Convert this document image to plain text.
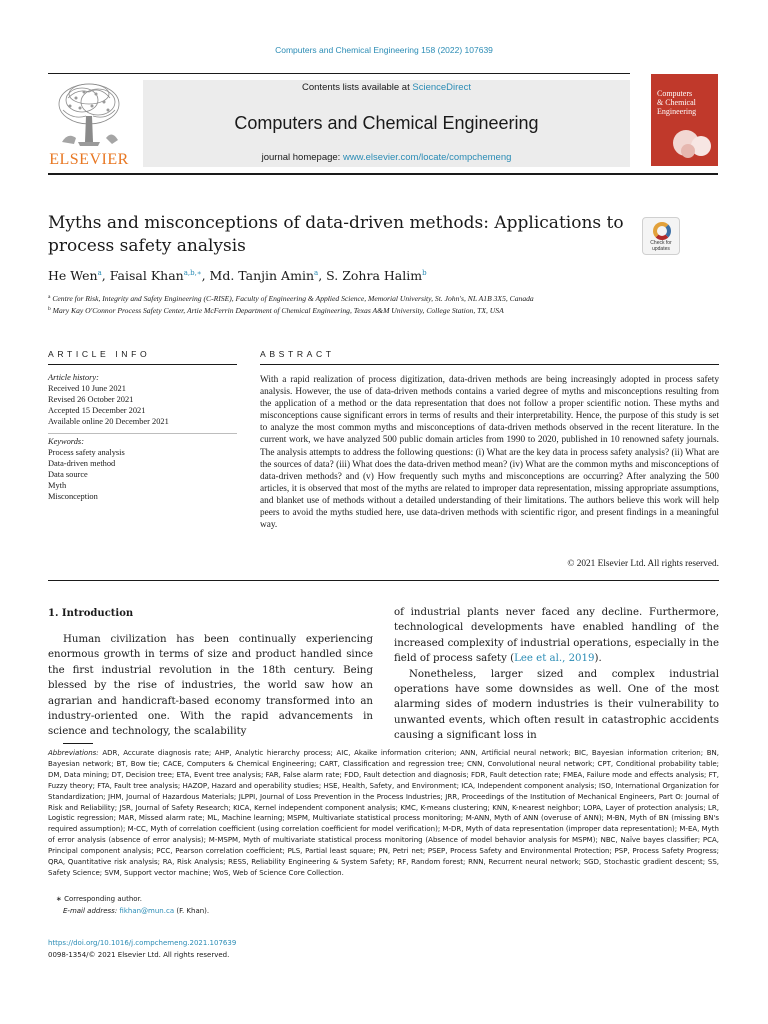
Computers and Chemical Engineering 158 (2022) 107639
ELSEVIER
Contents lists available at ScienceDirect
Computers and Chemical Engineering
journal homepage: www.elsevier.com/locate/compchemeng
Computers
& Chemical
Engineering
Myths and misconceptions of data-driven methods: Applications to process safety analysis	Check for
updates
He Wen$^a$, Faisal Khan$^{a,b,∗}$, Md. Tanjin Amin$^a$, S. Zohra Halim$^b$
$^a$ Centre for Risk, Integrity and Safety Engineering (C-RISE), Faculty of Engineering & Applied Science, Memorial University, St. John's, NL A1B 3X5, Canada
$^b$ Mary Kay O'Connor Process Safety Center, Artie McFerrin Department of Chemical Engineering, Texas A&M University, College Station, TX, USA
ARTICLE INFO	ABSTRACT
Article history:
Received 10 June 2021
Revised 26 October 2021
Accepted 15 December 2021
Available online 20 December 2021
Keywords:
Process safety analysis
Data-driven method
Data source
Myth
Misconception
With a rapid realization of process digitization, data-driven methods are being increasingly adopted in process safety analysis. However, the use of data-driven methods contains a varied degree of myths and misconceptions resulting from the application of a method or the data representation that does not follow a proper scientific notion. These myths and misconceptions cause significant errors in terms of results and their interpretability. Hence, the purpose of this study is set to analyze the most common myths and misconceptions of data-driven methods observed in the recent literature. In the current work, we have analyzed 500 public domain articles from 1990 to 2020, published in 10 renowned safety journals. The analysis attempts to address the following questions: (i) What are the key data in process safety analysis? (ii) What are the sources of data? (iii) What does the data-driven method mean? (iv) What are the common myths and misconceptions of data-driven methods? and (v) How frequently such myths and misconceptions are occurring? After analyzing the 500 articles, it is observed that most of the myths are related to improper data representation, missing appropriate assumptions, and blanket use of methods without a detailed understanding of their limitations. The authors believe this work will help peers to avoid the myths studied here, use data-driven methods with scientific rigor, and present findings in a meaningful way.
© 2021 Elsevier Ltd. All rights reserved.
1. Introduction

Human civilization has been continually experiencing enormous growth in terms of size and product handled since the first industrial revolution in the 18th century. Being blessed by the rise of industries, the world saw how an agrarian and handicraft-based economy transformed into an industry-oriented one. With the rapid advancements in science and technology, the scalability

of industrial plants never faced any decline. Furthermore, technological developments have enabled handling of the increased complexity of industrial operations, especially in the field of process safety (Lee et al., 2019).

Nonetheless, larger sized and complex industrial operations have some downsides as well. One of the most alarming sides of modern industries is their vulnerability to unwanted events, which often result in catastrophic accidents causing a significant loss in

Abbreviations: ADR, Accurate diagnosis rate; AHP, Analytic hierarchy process; AIC, Akaike information criterion; ANN, Artificial neural network; BIC, Bayesian information criterion; BN, Bayesian network; BT, Bow tie; CACE, Computers & Chemical Engineering; CART, Classification and regression tree; CNN, Convolutional neural network; CPT, Conditional probability table; DM, Data mining; DT, Decision tree; ETA, Event tree analysis; FAR, False alarm rate; FDD, Fault detection and diagnosis; FDR, Fault detection rate; FMEA, Failure mode and effects analysis; FT, Fuzzy theory; FTA, Fault tree analysis; HAZOP, Hazard and operability studies; HSE, Health, Safety, and Environment; ICA, Independent component analysis; ISO, International Organization for Standardization; JHM, Journal of Hazardous Materials; JLPPI, Journal of Loss Prevention in the Process Industries; JRR, Proceedings of the Institution of Mechanical Engineers, Part O: Journal of Risk and Reliability; JSR, Journal of Safety Research; KICA, Kernel independent component analysis; KMC, K-means clustering; KNN, K-nearest neighbor; LOPA, Layer of protection analysis; LR, Logistic regression; MAR, Missed alarm rate; ML, Machine learning; MSPM, Multivariate statistical process monitoring; M-ANN, Myth of ANN (overuse of ANN); M-BN, Myth of BN (missing BN's required assumption); M-CC, Myth of correlation coefficient (using correlation coefficient for model verification); M-DR, Myth of data representation (improper data representation); M-EA, Myth of error analysis (absence of error analysis); M-MSPM, Myth of multivariate statistical process monitoring (Absence of model behavior analysis for MSPM); NBC, Naïve bayes classifier; PCA, Principal component analysis; PCC, Pearson correlation coefficient; PLS, Partial least square; PN, Petri net; PSEP, Process Safety and Environmental Protection; PSP, Process Safety Progress; QRA, Quantitative risk analysis; RA, Risk Analysis; RESS, Reliability Engineering & System Safety; RF, Random forest; RNN, Recurrent neural network; SGD, Stochastic gradient descent; SS, Safety Science; SVM, Support vector machine; WoS, Web of Science Core Collection.
∗ Corresponding author.
E-mail address: fikhan@mun.ca (F. Khan).
https://doi.org/10.1016/j.compchemeng.2021.107639
0098-1354/© 2021 Elsevier Ltd. All rights reserved.
